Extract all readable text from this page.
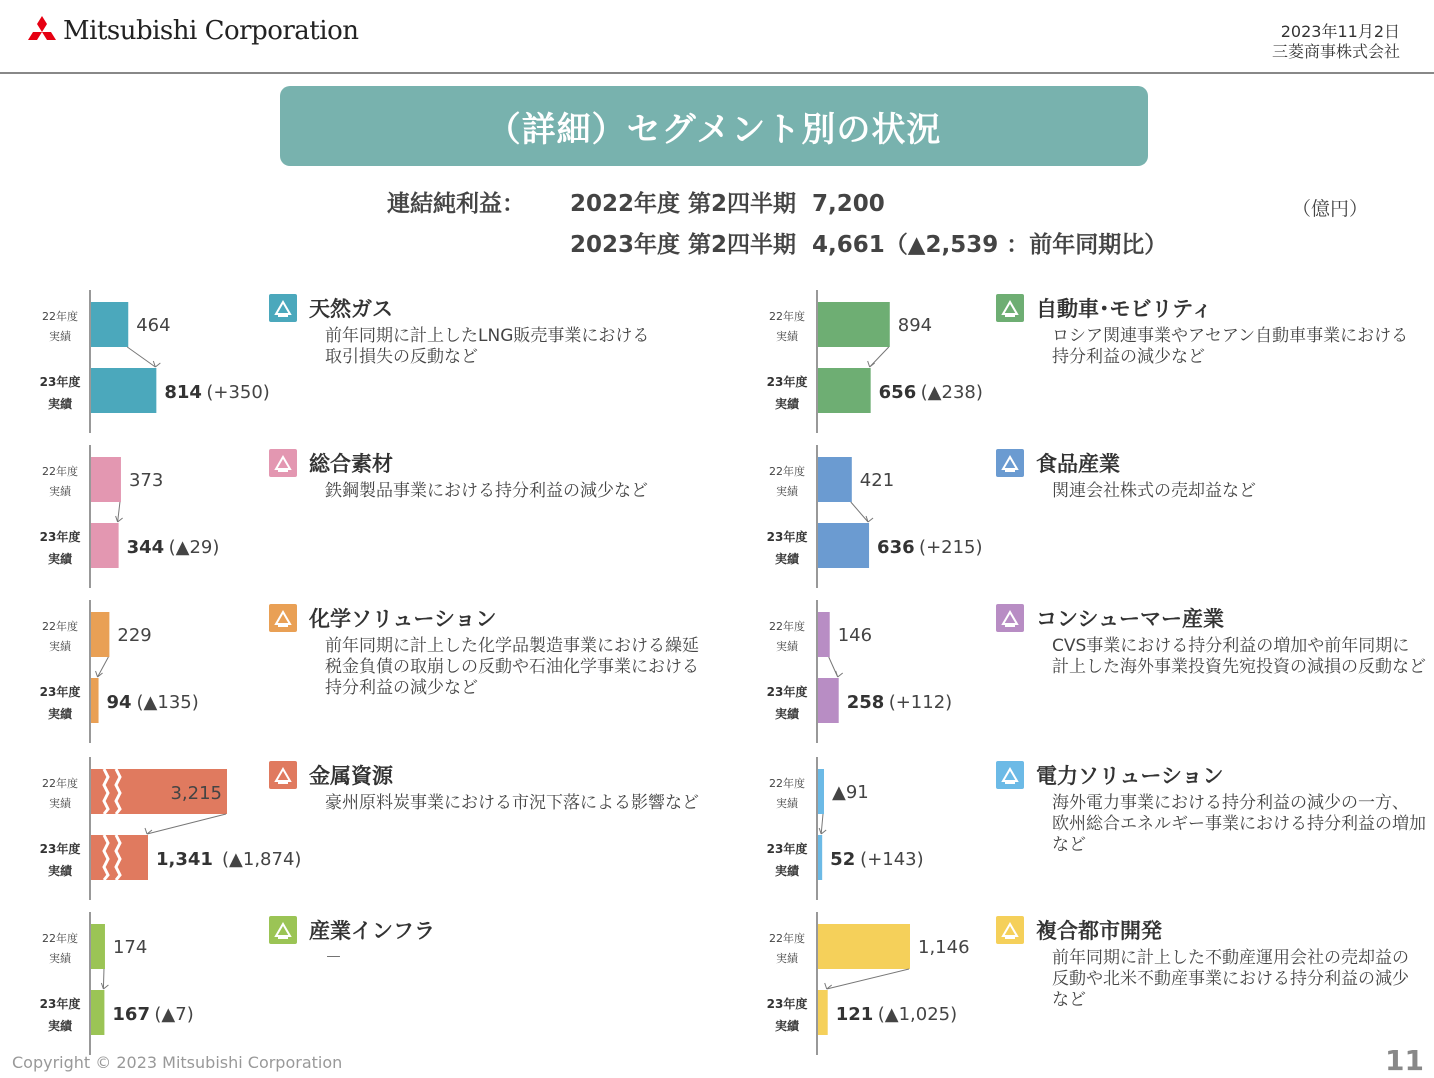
Mitsubishi Corporation	2023年11月2日
三菱商事株式会社
（詳細）セグメント別の状況
連結純利益： 2022年度 第2四半期 7,200
2023年度 第2四半期 4,661（▲2,539 ：前年同期比）
（億円）
22年度
実績
23年度
実績
464
814 (+350)
天然ガス
前年同期に計上したLNG販売事業における
取引損失の反動など
22年度
実績
23年度
実績
373
344 (▲29)
総合素材
鉄鋼製品事業における持分利益の減少など
22年度
実績
23年度
実績
229
94 (▲135)
化学ソリューション
前年同期に計上した化学品製造事業における繰延
税金負債の取崩しの反動や石油化学事業における
持分利益の減少など
22年度
実績
23年度
実績
3,215
1,341 (▲1,874)
金属資源
豪州原料炭事業における市況下落による影響など
22年度
実績
23年度
実績
174
167 (▲7)
産業インフラ
－
22年度
実績
23年度
実績
894
656 (▲238)
自動車･モビリティ
ロシア関連事業やアセアン自動車事業における
持分利益の減少など
22年度
実績
23年度
実績
421
636 (+215)
食品産業
関連会社株式の売却益など
22年度
実績
23年度
実績
146
258 (+112)
コンシューマー産業
CVS事業における持分利益の増加や前年同期に
計上した海外事業投資先宛投資の減損の反動など
22年度
実績
23年度
実績
▲91
52 (+143)
電力ソリューション
海外電力事業における持分利益の減少の一方、
欧州総合エネルギー事業における持分利益の増加
など
22年度
実績
23年度
実績
1,146
121 (▲1,025)
複合都市開発
前年同期に計上した不動産運用会社の売却益の
反動や北米不動産事業における持分利益の減少
など
Copyright © 2023 Mitsubishi Corporation	11
